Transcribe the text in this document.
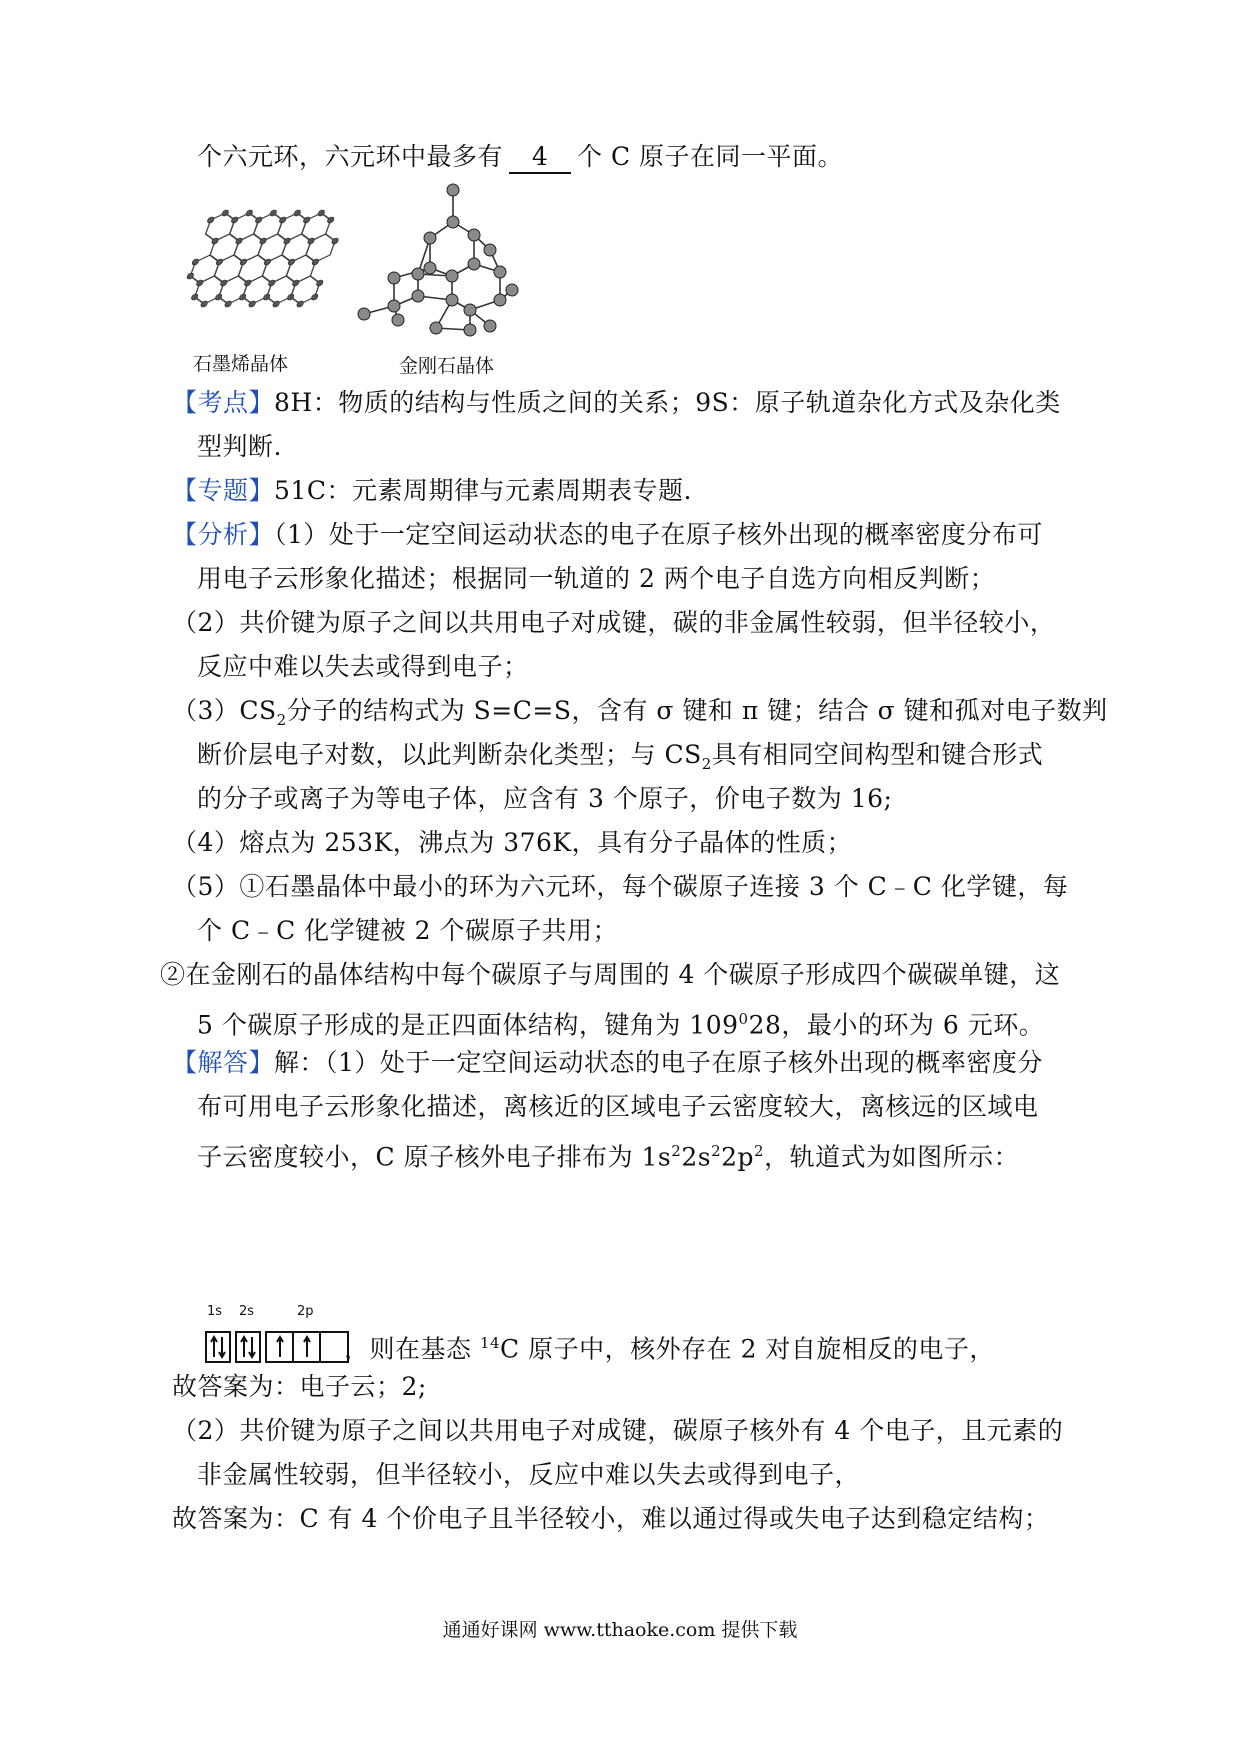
个六元环，六元环中最多有 4 个 C 原子在同一平面。
石墨烯晶体	金刚石晶体
【考点】8H：物质的结构与性质之间的关系；9S：原子轨道杂化方式及杂化类
型判断.
【专题】51C：元素周期律与元素周期表专题.
【分析】（1）处于一定空间运动状态的电子在原子核外出现的概率密度分布可
用电子云形象化描述；根据同一轨道的 2 两个电子自选方向相反判断；
（2）共价键为原子之间以共用电子对成键，碳的非金属性较弱，但半径较小，
反应中难以失去或得到电子；
$(3)CS_2$分子的结构式为 S=C=S，含有 σ 键和 π 键；结合 σ 键和孤对电子数判
断价层电子对数，以此判断杂化类型；与 $CS_2$具有相同空间构型和键合形式
的分子或离子为等电子体，应含有 3 个原子，价电子数为 16;
（4）熔点为 253K，沸点为 376K，具有分子晶体的性质；
（5）①石墨晶体中最小的环为六元环，每个碳原子连接 3 个 C﹣C 化学键，每
个 C﹣C 化学键被 2 个碳原子共用；
②在金刚石的晶体结构中每个碳原子与周围的 4 个碳原子形成四个碳碳单键，这
5 个碳原子形成的是正四面体结构，键角为 $109^028$，最小的环为 6 元环。
【解答】解：（1）处于一定空间运动状态的电子在原子核外出现的概率密度分
布可用电子云形象化描述，离核近的区域电子云密度较大，离核远的区域电
子云密度较小，C 原子核外电子排布为 $1s^22s^22p^2$，轨道式为如图所示：
1s 2s	2p
，则在基态 $^{14}$C 原子中，核外存在 2 对自旋相反的电子，
故答案为：电子云；2;
（2）共价键为原子之间以共用电子对成键，碳原子核外有 4 个电子，且元素的
非金属性较弱，但半径较小，反应中难以失去或得到电子，
故答案为：C 有 4 个价电子且半径较小，难以通过得或失电子达到稳定结构；
通通好课网 www.tthaoke.com 提供下载
